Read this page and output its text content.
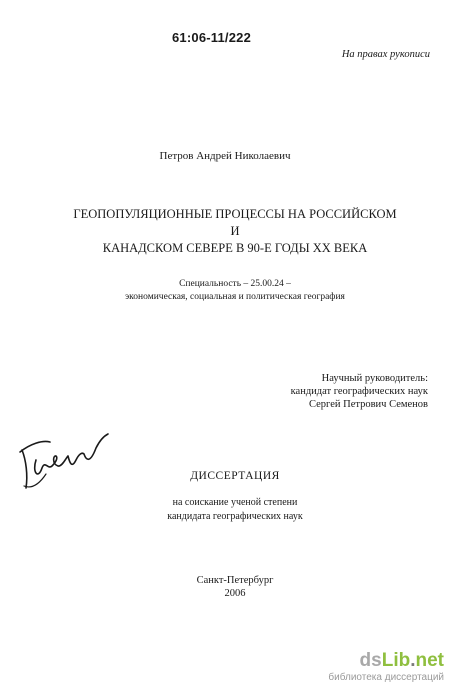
61:06-11/222
На правах рукописи
Петров Андрей Николаевич
ГЕОПОПУЛЯЦИОННЫЕ ПРОЦЕССЫ НА РОССИЙСКОМ И
КАНАДСКОМ СЕВЕРЕ В 90-Е ГОДЫ ХХ ВЕКА
Специальность – 25.00.24 –
экономическая, социальная и политическая география
Научный руководитель:
кандидат географических наук
Сергей Петрович Семенов
ДИССЕРТАЦИЯ
на соискание ученой степени
кандидата географических наук
Санкт-Петербург
2006
dsLib.net
библиотека диссертаций
